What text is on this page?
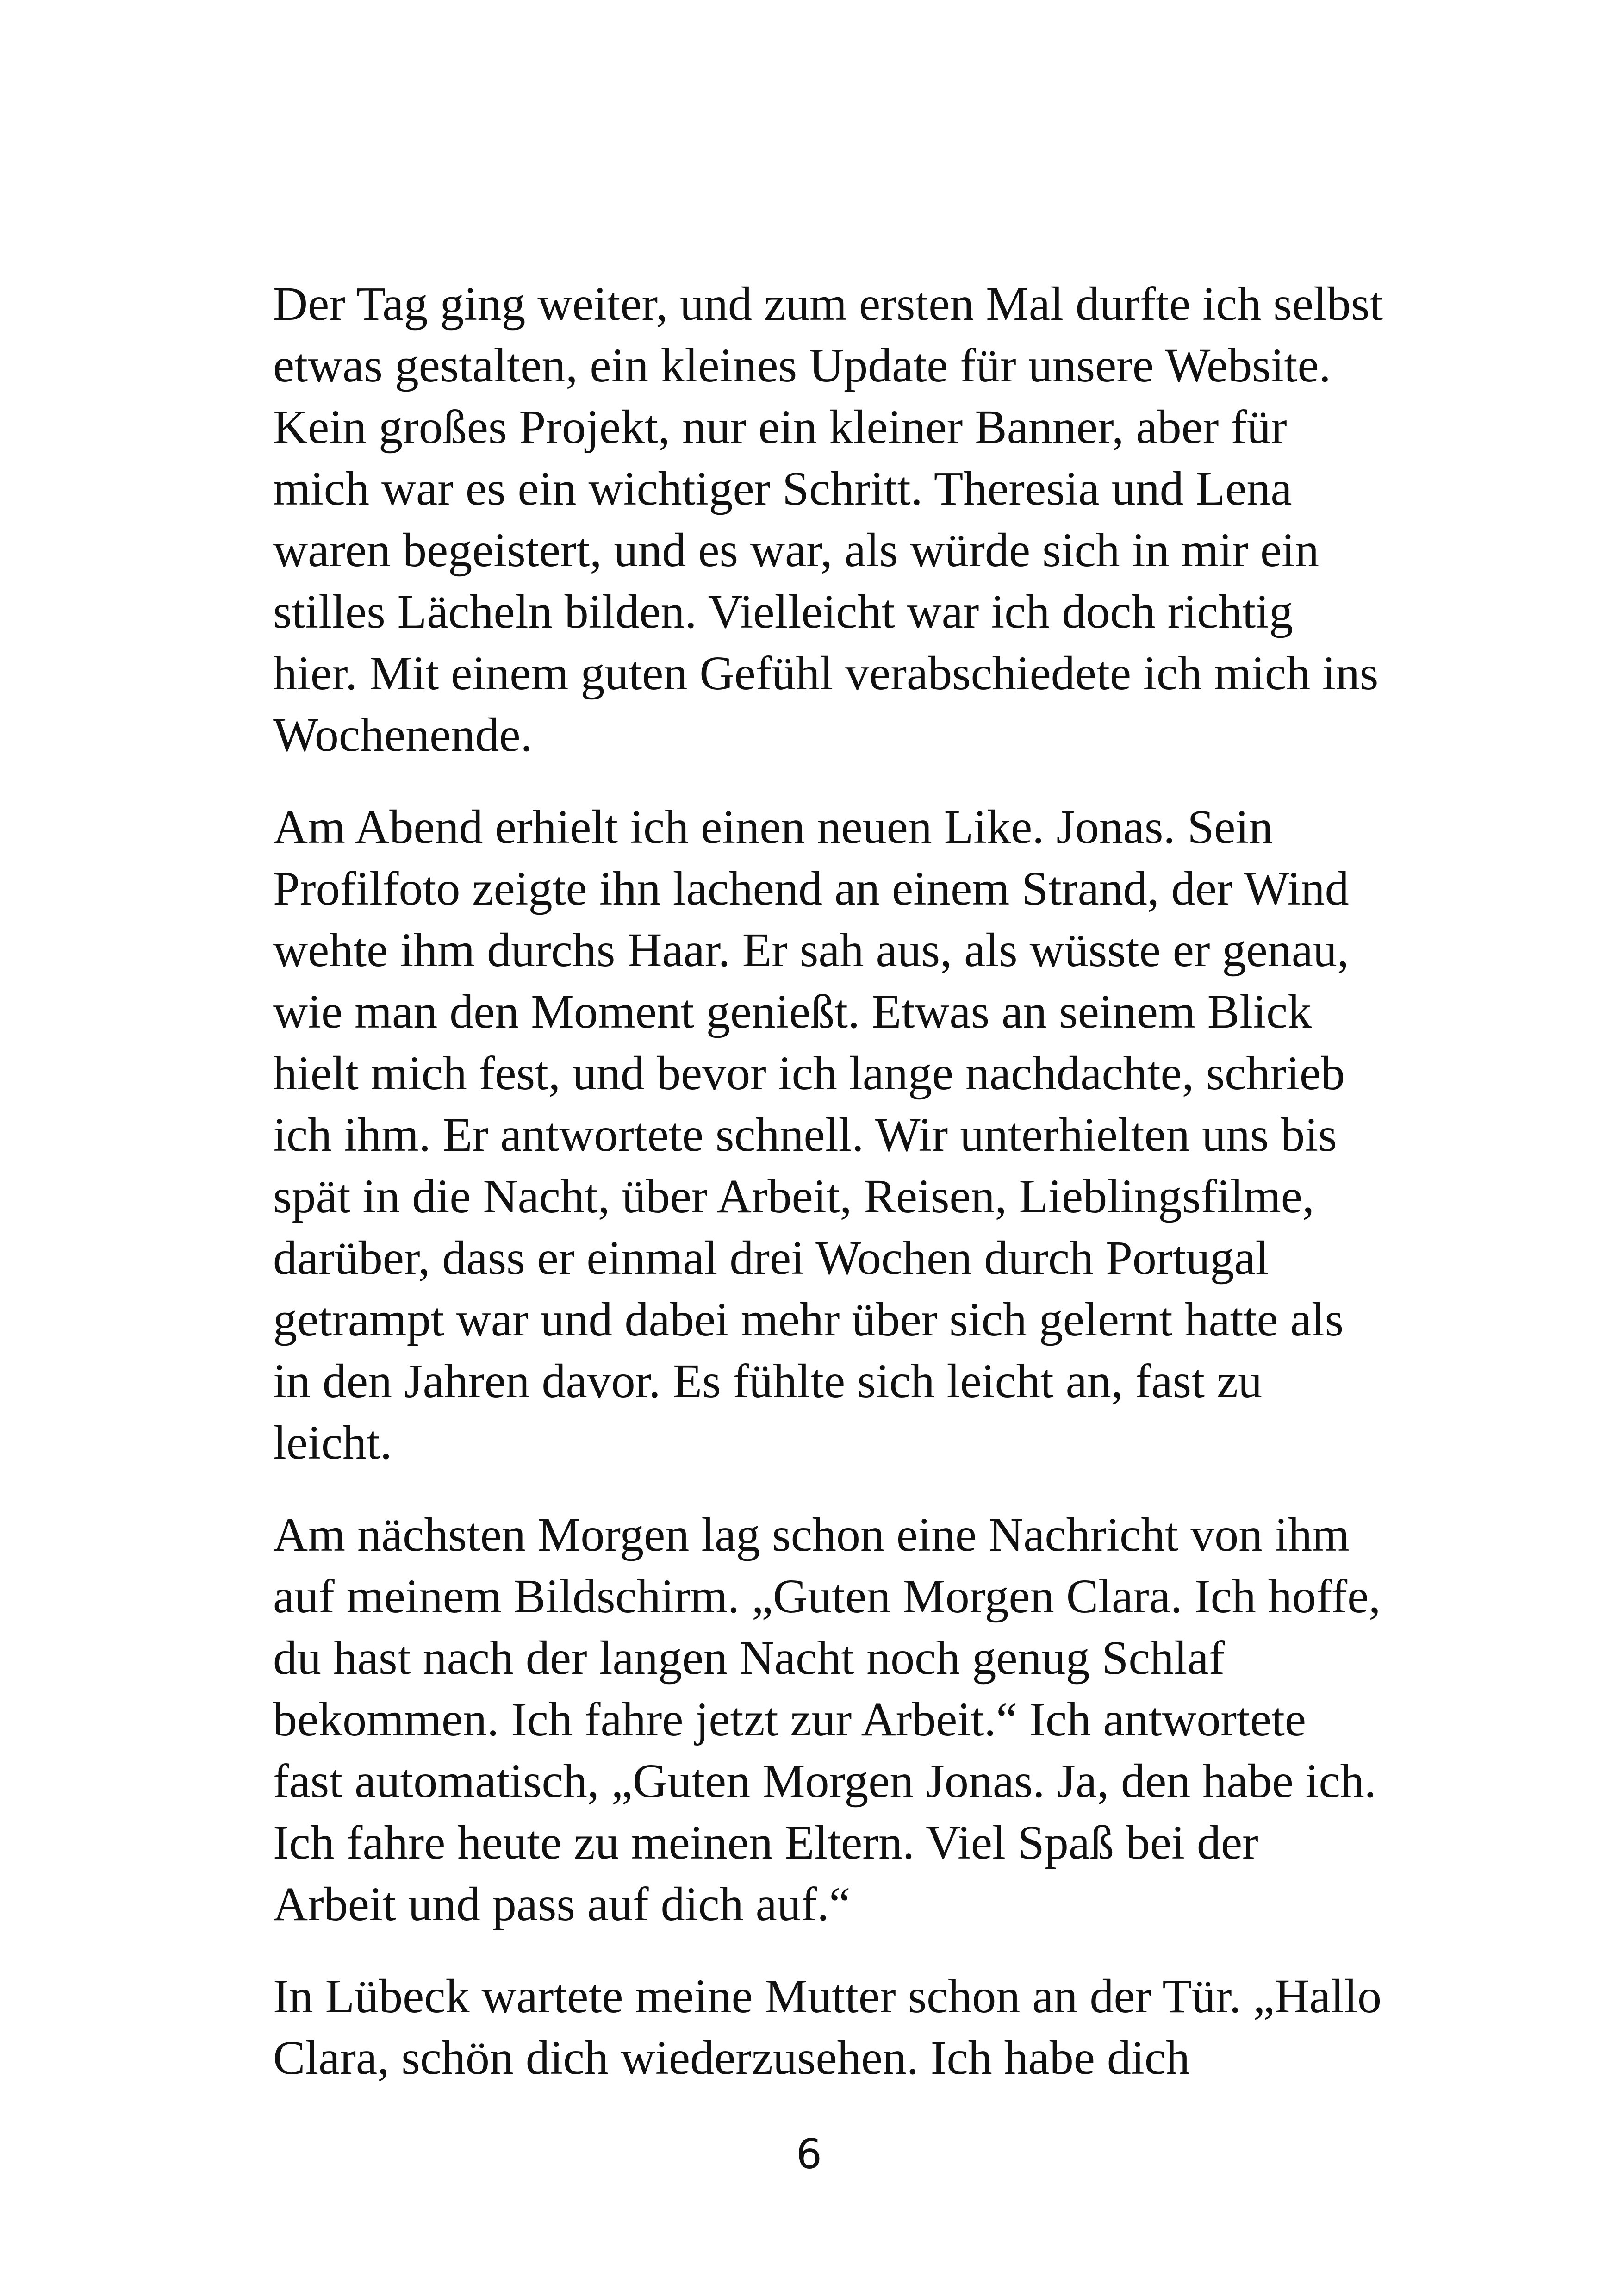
Der Tag ging weiter, und zum ersten Mal durfte ich selbst
etwas gestalten, ein kleines Update für unsere Website.
Kein großes Projekt, nur ein kleiner Banner, aber für
mich war es ein wichtiger Schritt. Theresia und Lena
waren begeistert, und es war, als würde sich in mir ein
stilles Lächeln bilden. Vielleicht war ich doch richtig
hier. Mit einem guten Gefühl verabschiedete ich mich ins
Wochenende.
Am Abend erhielt ich einen neuen Like. Jonas. Sein
Profilfoto zeigte ihn lachend an einem Strand, der Wind
wehte ihm durchs Haar. Er sah aus, als wüsste er genau,
wie man den Moment genießt. Etwas an seinem Blick
hielt mich fest, und bevor ich lange nachdachte, schrieb
ich ihm. Er antwortete schnell. Wir unterhielten uns bis
spät in die Nacht, über Arbeit, Reisen, Lieblingsfilme,
darüber, dass er einmal drei Wochen durch Portugal
getrampt war und dabei mehr über sich gelernt hatte als
in den Jahren davor. Es fühlte sich leicht an, fast zu
leicht.
Am nächsten Morgen lag schon eine Nachricht von ihm
auf meinem Bildschirm. „Guten Morgen Clara. Ich hoffe,
du hast nach der langen Nacht noch genug Schlaf
bekommen. Ich fahre jetzt zur Arbeit.“ Ich antwortete
fast automatisch, „Guten Morgen Jonas. Ja, den habe ich.
Ich fahre heute zu meinen Eltern. Viel Spaß bei der
Arbeit und pass auf dich auf.“
In Lübeck wartete meine Mutter schon an der Tür. „Hallo
Clara, schön dich wiederzusehen. Ich habe dich
6
